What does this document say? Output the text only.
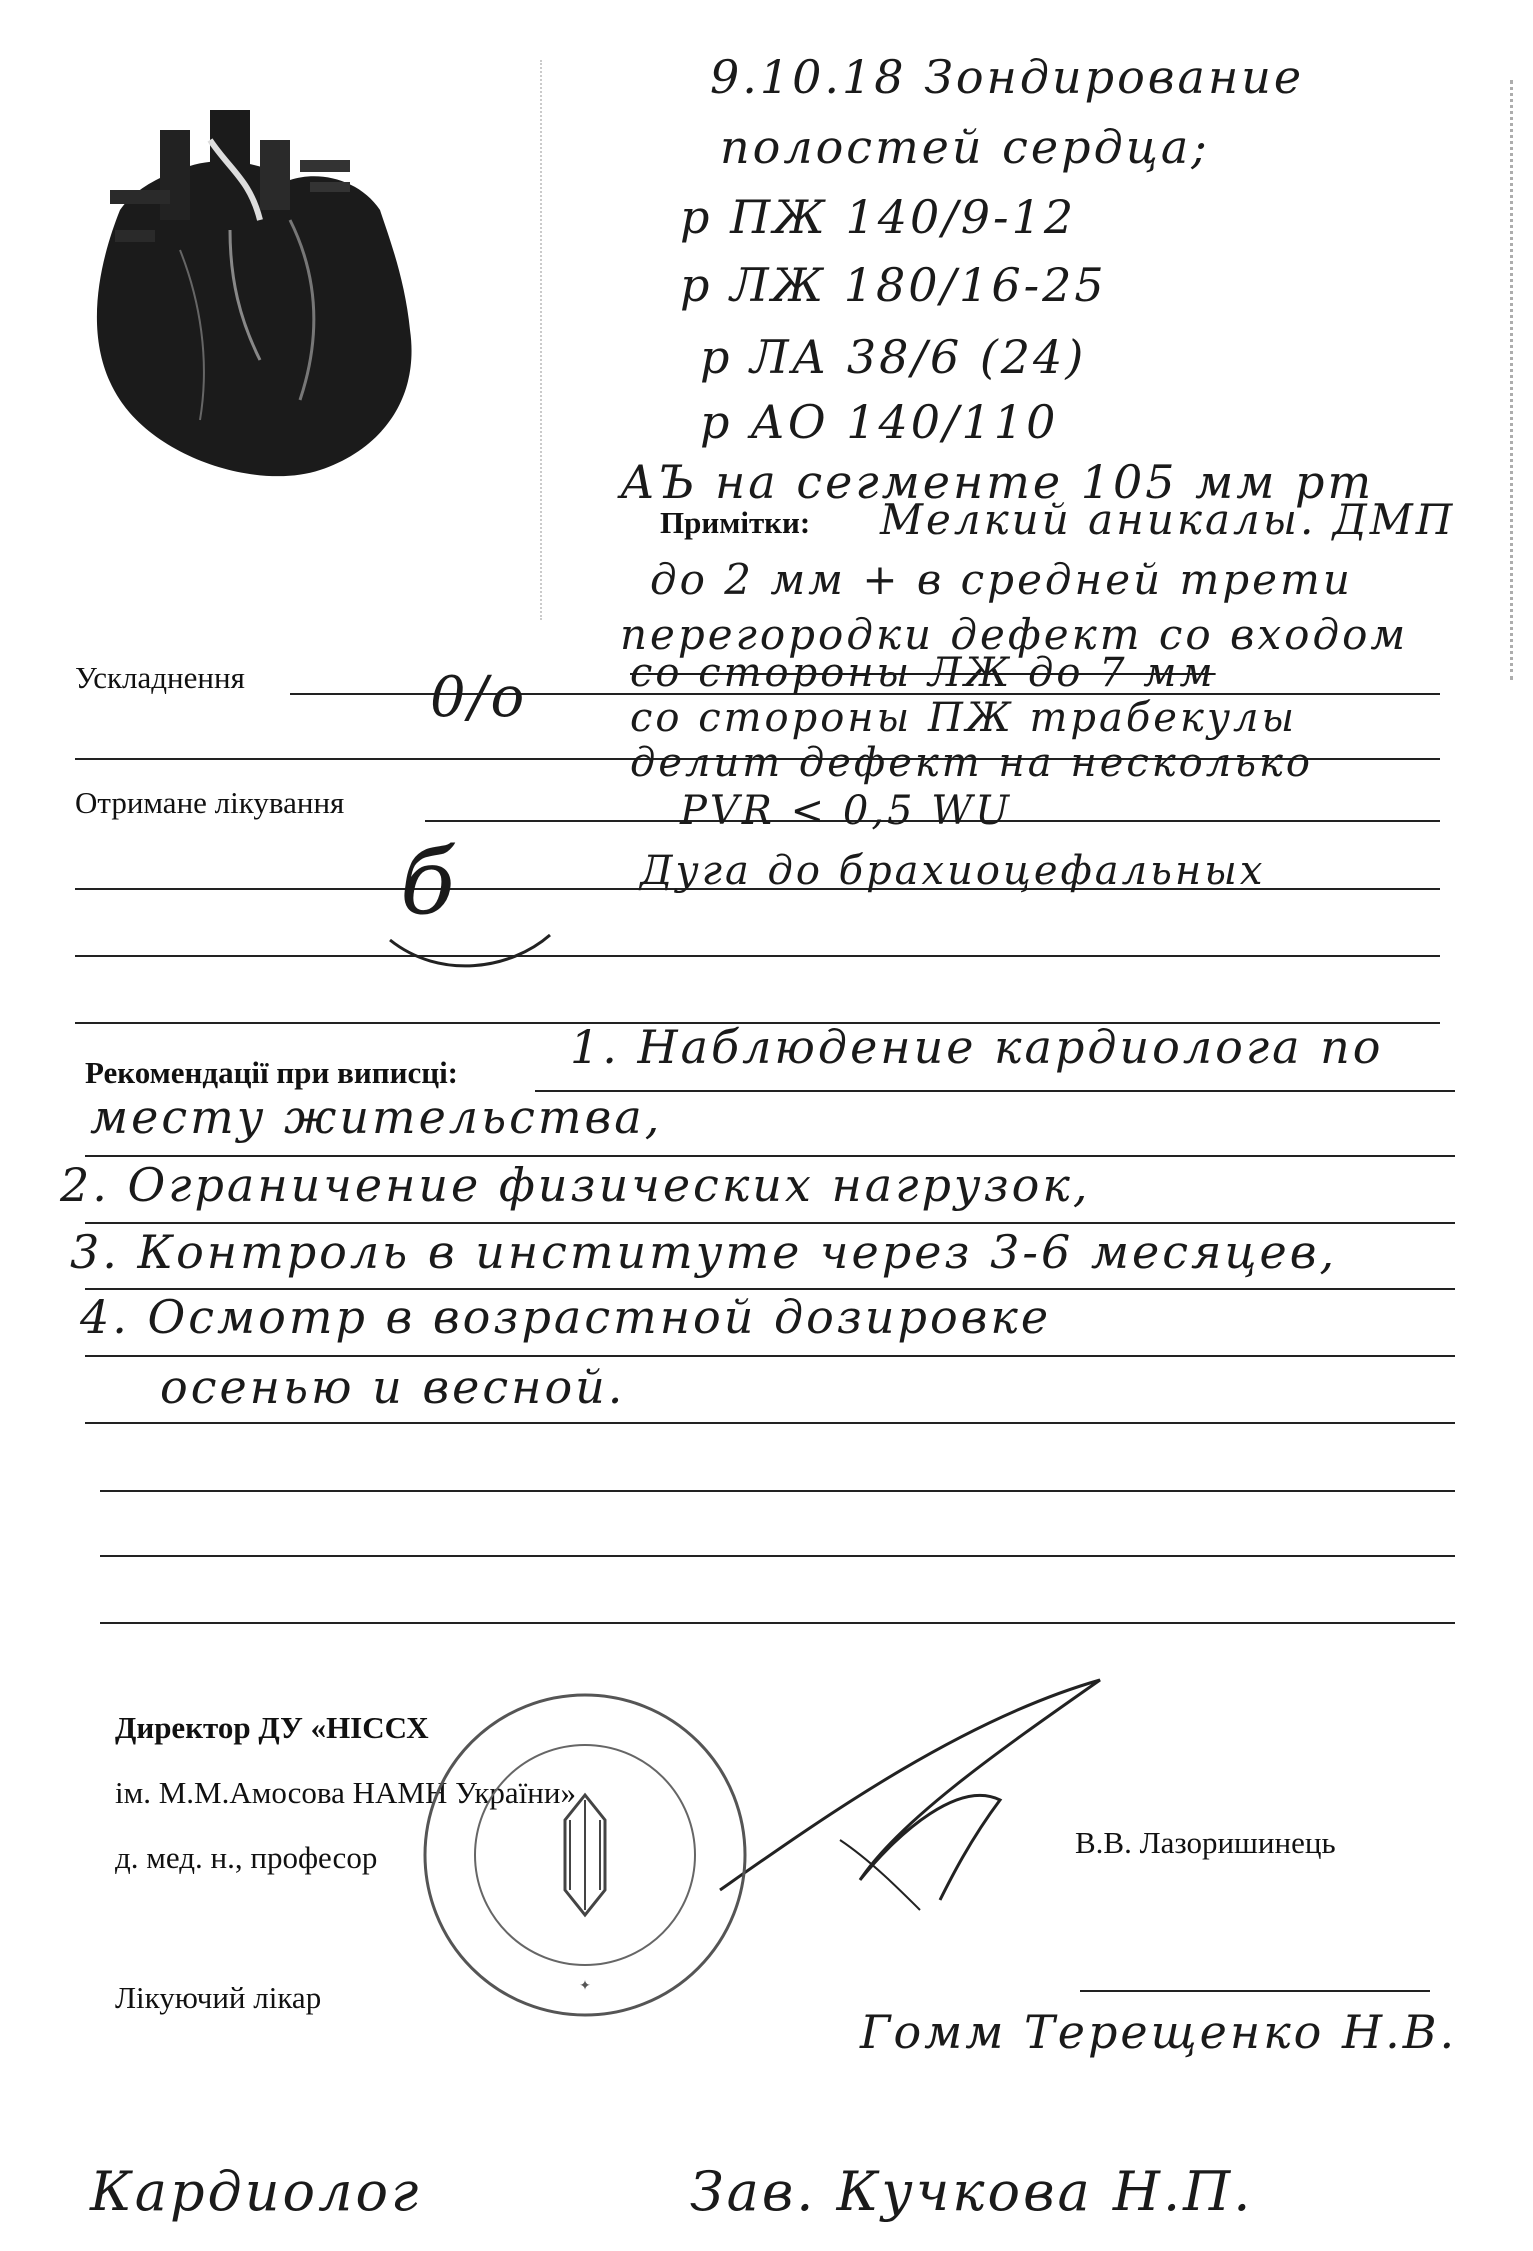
9.10.18 Зондирование
полостей сердца;
р ПЖ 140/9-12
р ЛЖ 180/16-25
р ЛА 38/6 (24)
р АО 140/110
АЪ на сегменте 105 мм рт
Примітки: Мелкий аникалы. ДМП
до 2 мм + в средней трети
перегородки дефект со входом
Ускладнення	со стороны ЛЖ до 7 мм
0/о	со стороны ПЖ трабекулы
делит дефект на несколько
Отримане лікування	PVR < 0,5 WU
Дуга до брахиоцефальных
б
Рекомендації при виписці: 1. Наблюдение кардиолога по
месту жительства,
2. Ограничение физических нагрузок,
3. Контроль в институте через 3-6 месяцев,
4. Осмотр в возрастной дозировке
осенью и весной.
Директор ДУ «НІССХ
ім. М.М.Амосова НАМН України»
д. мед. н., професор	В.В. Лазоришинець
✦
Лікуючий лікар
Гомм Терещенко Н.В.
Кардиолог	Зав. Кучкова Н.П.
